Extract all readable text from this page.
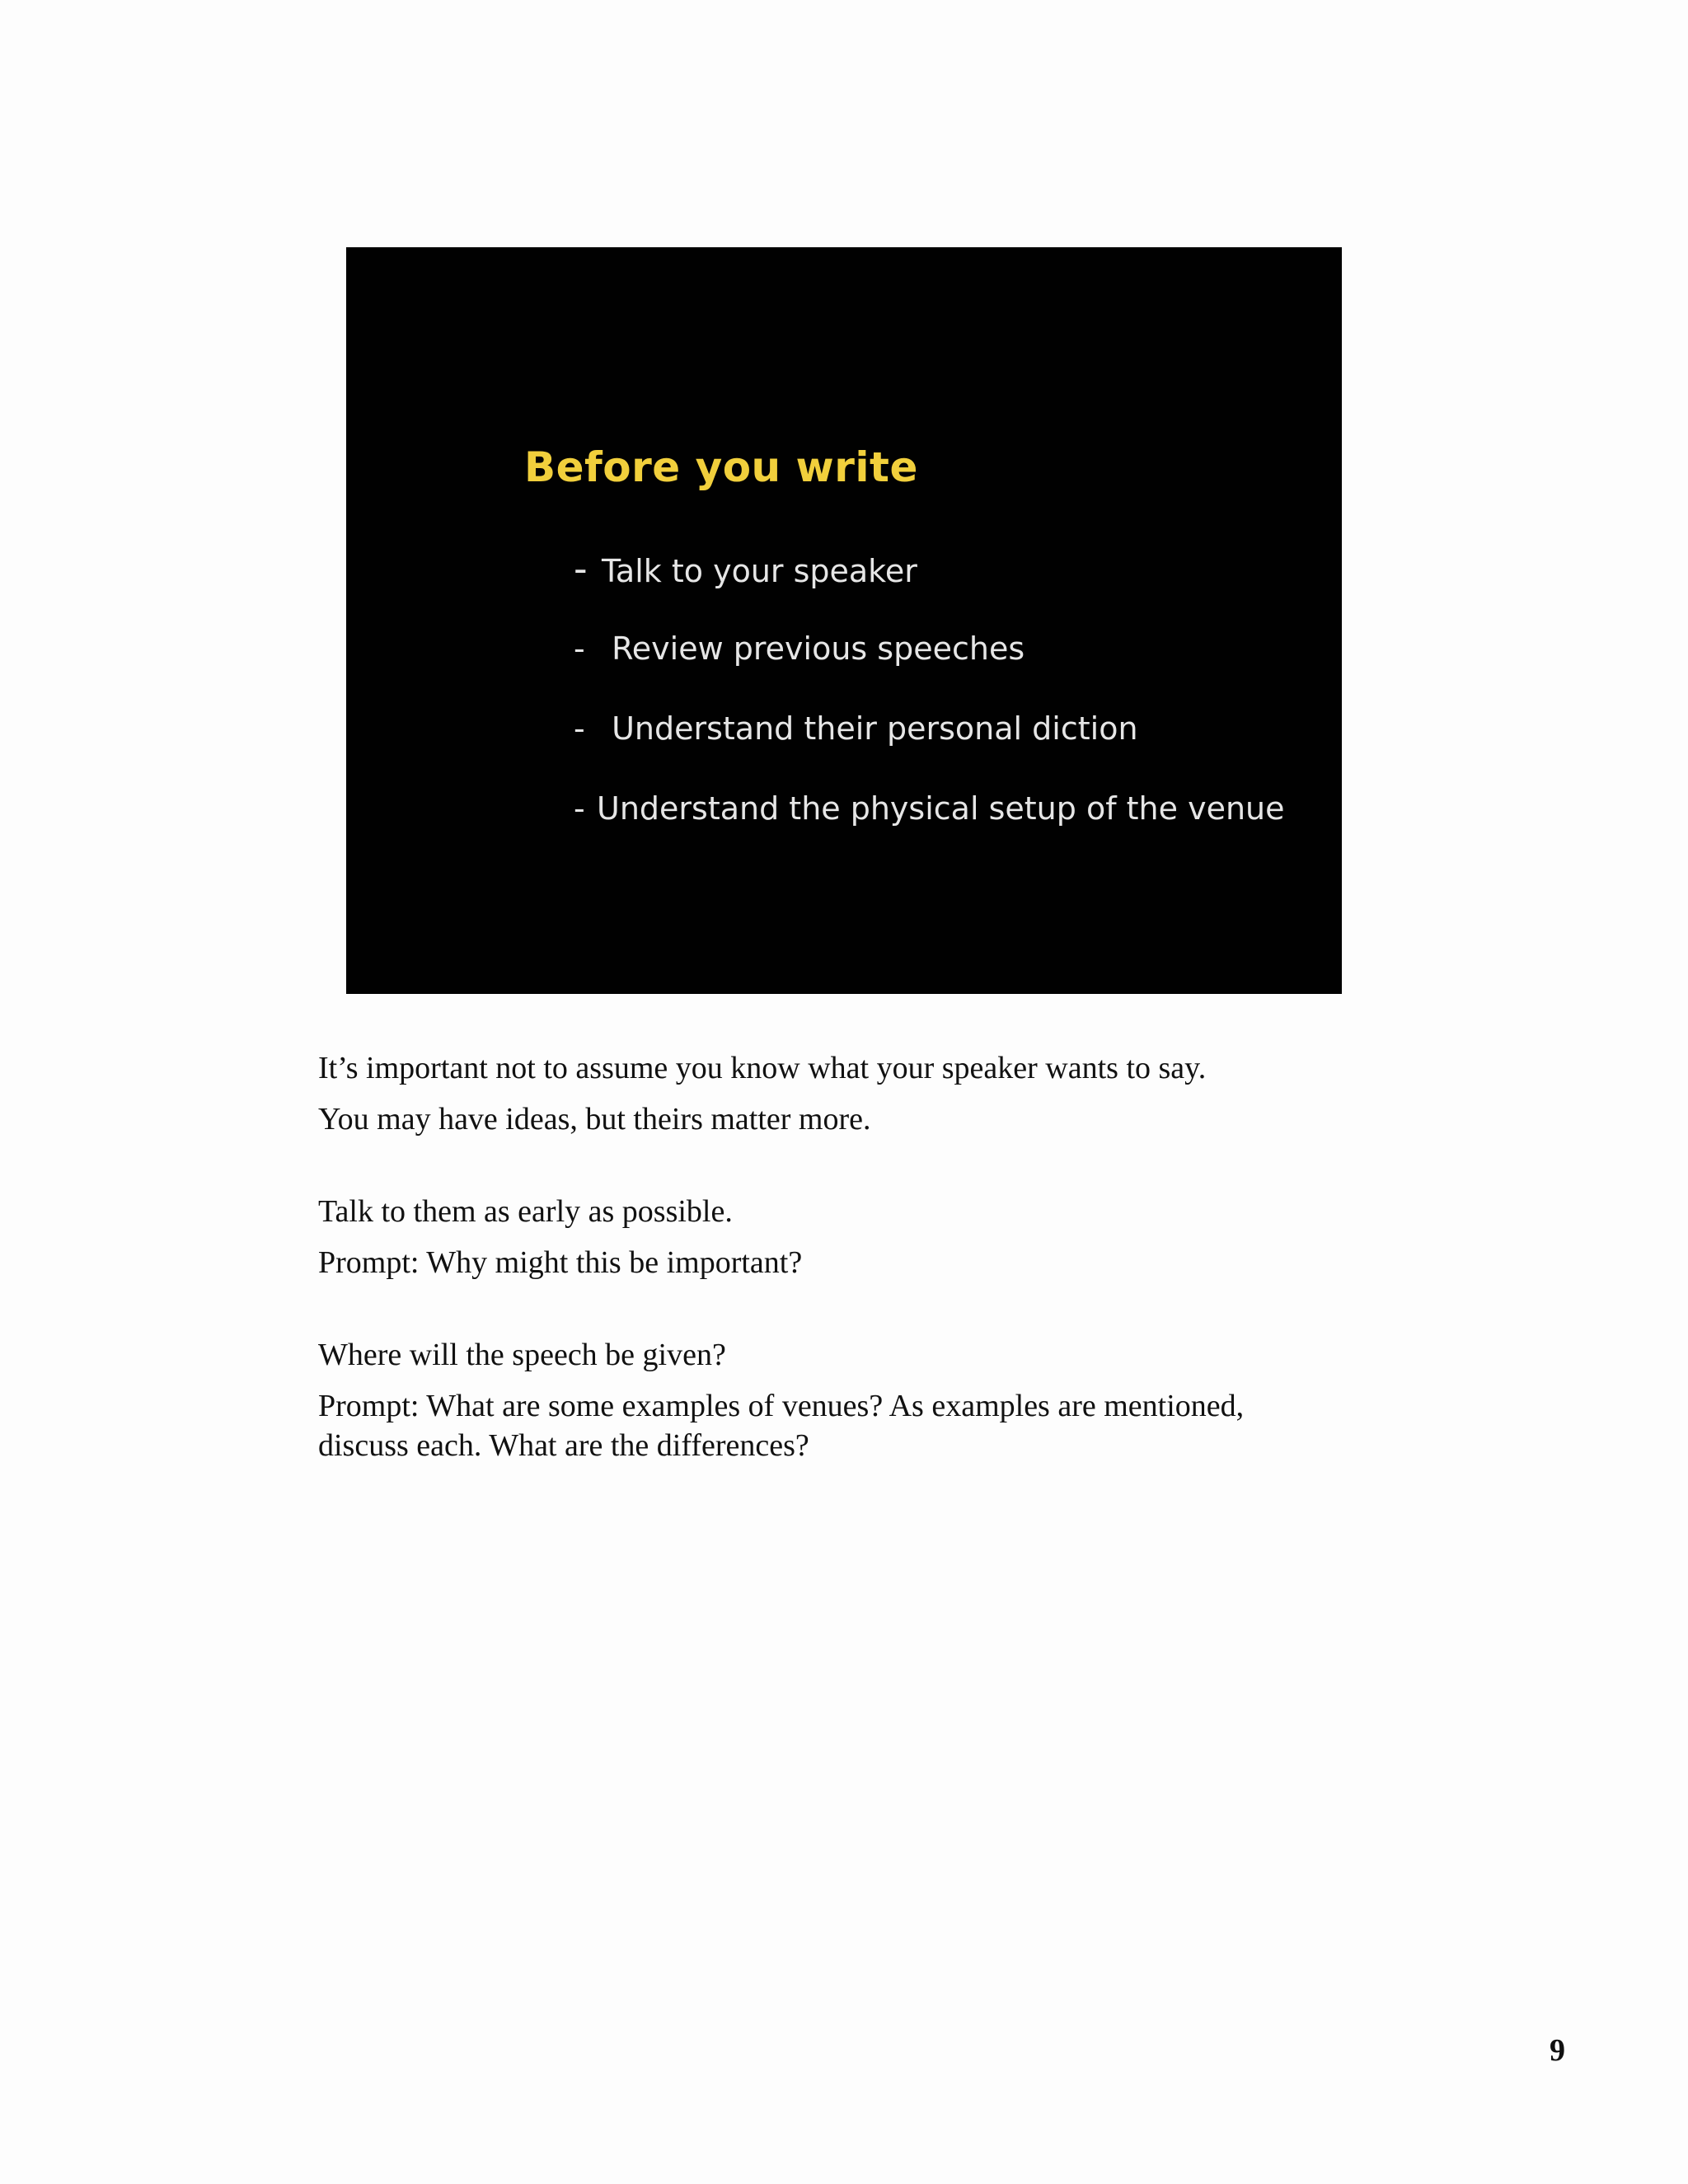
Before you write
- Talk to your speaker
- Review previous speeches
- Understand their personal diction
- Understand the physical setup of the venue

It’s important not to assume you know what your speaker wants to say.

You may have ideas, but theirs matter more.

Talk to them as early as possible.

Prompt: Why might this be important?

Where will the speech be given?

Prompt: What are some examples of venues? As examples are mentioned, discuss each. What are the differences?

9
